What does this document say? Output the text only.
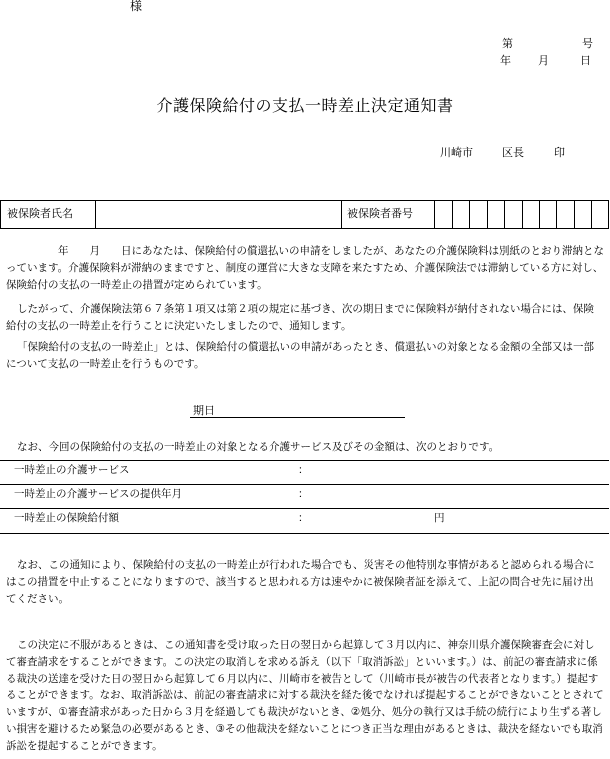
様
第	号
年 月	日
介護保険給付の支払一時差止決定通知書
川崎市	区長	印
被保険者氏名	被保険者番号
年　　月　　日にあなたは、保険給付の償還払いの申請をしましたが、あなたの介護保険料は別紙のとおり滞納となっています。介護保険料が滞納のままですと、制度の運営に大きな支障を来たすため、介護保険法では滞納している方に対し、保険給付の支払の一時差止の措置が定められています。
したがって、介護保険法第６７条第１項又は第２項の規定に基づき、次の期日までに保険料が納付されない場合には、保険給付の支払の一時差止を行うことに決定いたしましたので、通知します。
「保険給付の支払の一時差止」とは、保険給付の償還払いの申請があったとき、償還払いの対象となる金額の全部又は一部について支払の一時差止を行うものです。
期日
なお、今回の保険給付の支払の一時差止の対象となる介護サービス及びその金額は、次のとおりです。
一時差止の介護サービス	：
一時差止の介護サービスの提供年月	：
一時差止の保険給付額	：	円
なお、この通知により、保険給付の支払の一時差止が行われた場合でも、災害その他特別な事情があると認められる場合にはこの措置を中止することになりますので、該当すると思われる方は速やかに被保険者証を添えて、上記の問合せ先に届け出てください。
この決定に不服があるときは、この通知書を受け取った日の翌日から起算して３月以内に、神奈川県介護保険審査会に対して審査請求をすることができます。この決定の取消しを求める訴え（以下「取消訴訟」といいます。）は、前記の審査請求に係る裁決の送達を受けた日の翌日から起算して６月以内に、川崎市を被告として（川崎市長が被告の代表者となります。）提起することができます。なお、取消訴訟は、前記の審査請求に対する裁決を経た後でなければ提起することができないこととされていますが、①審査請求があった日から３月を経過しても裁決がないとき、②処分、処分の執行又は手続の続行により生ずる著しい損害を避けるため緊急の必要があるとき、③その他裁決を経ないことにつき正当な理由があるときは、裁決を経ないでも取消訴訟を提起することができます。
